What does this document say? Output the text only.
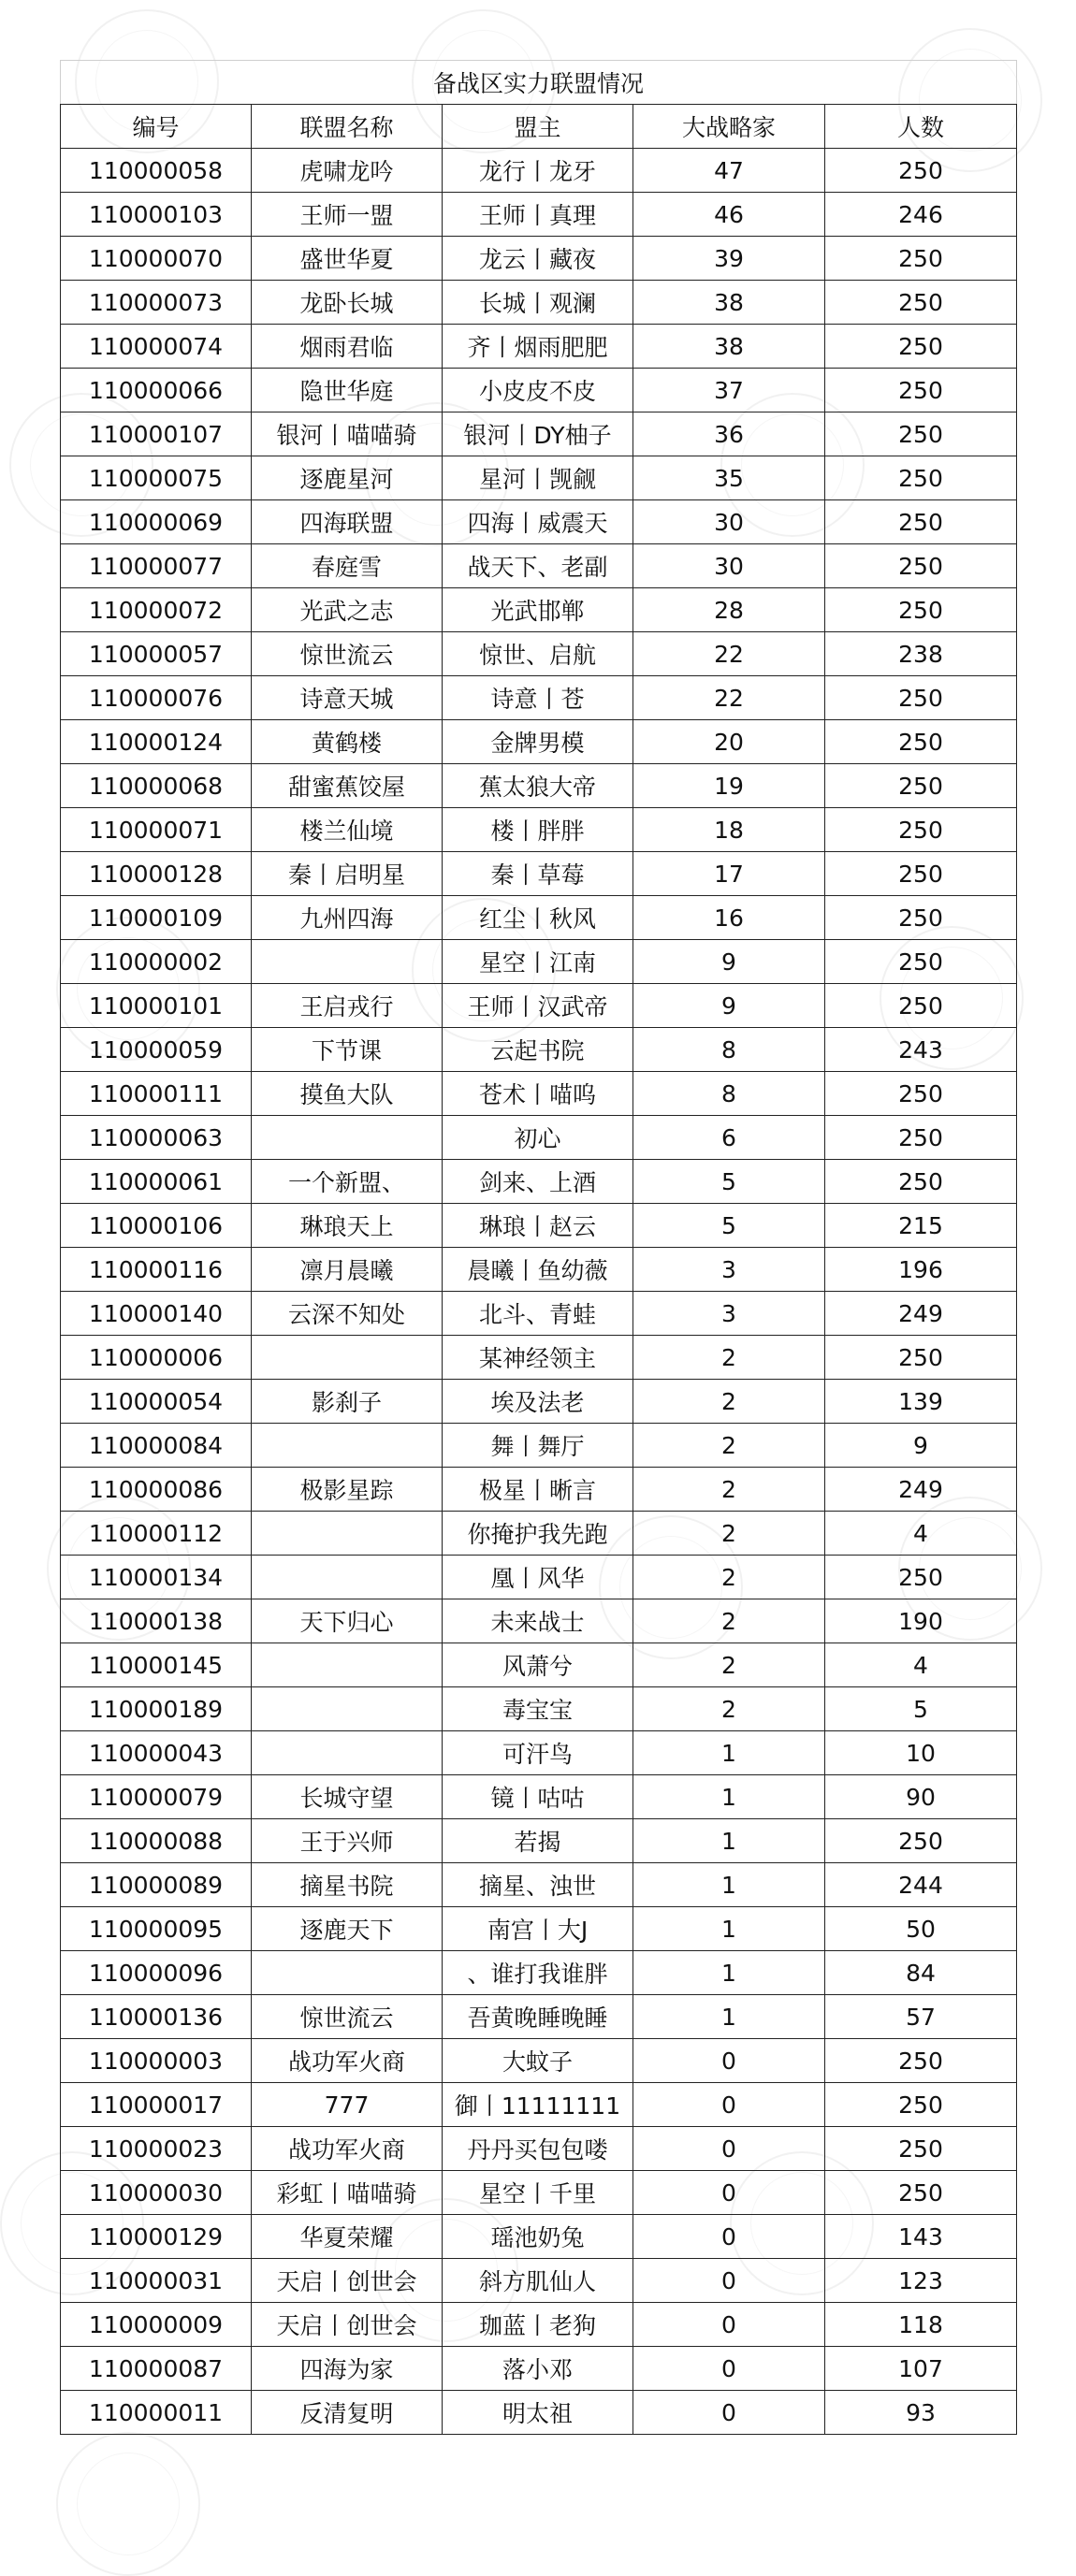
备战区实力联盟情况				
编号	联盟名称	盟主	大战略家	人数
110000058	虎啸龙吟	龙行丨龙牙	47	250
110000103	王师一盟	王师丨真理	46	246
110000070	盛世华夏	龙云丨藏夜	39	250
110000073	龙卧长城	长城丨观澜	38	250
110000074	烟雨君临	齐丨烟雨肥肥	38	250
110000066	隐世华庭	小皮皮不皮	37	250
110000107	银河丨喵喵骑	银河丨DY柚子	36	250
110000075	逐鹿星河	星河丨觊觎	35	250
110000069	四海联盟	四海丨威震天	30	250
110000077	春庭雪	战天下、老副	30	250
110000072	光武之志	光武邯郸	28	250
110000057	惊世流云	惊世、启航	22	238
110000076	诗意天城	诗意丨苍	22	250
110000124	黄鹤楼	金牌男模	20	250
110000068	甜蜜蕉饺屋	蕉太狼大帝	19	250
110000071	楼兰仙境	楼丨胖胖	18	250
110000128	秦丨启明星	秦丨草莓	17	250
110000109	九州四海	红尘丨秋风	16	250
110000002		星空丨江南	9	250
110000101	王启戎行	王师丨汉武帝	9	250
110000059	下节课	云起书院	8	243
110000111	摸鱼大队	苍术丨喵呜	8	250
110000063		初心	6	250
110000061	一个新盟、	剑来、上酒	5	250
110000106	琳琅天上	琳琅丨赵云	5	215
110000116	凛月晨曦	晨曦丨鱼幼薇	3	196
110000140	云深不知处	北斗、青蛙	3	249
110000006		某神经领主	2	250
110000054	影刹子	埃及法老	2	139
110000084		舞丨舞厅	2	9
110000086	极影星踪	极星丨晰言	2	249
110000112		你掩护我先跑	2	4
110000134		凰丨风华	2	250
110000138	天下归心	未来战士	2	190
110000145		风萧兮	2	4
110000189		毒宝宝	2	5
110000043		可汗鸟	1	10
110000079	长城守望	镜丨咕咕	1	90
110000088	王于兴师	若揭	1	250
110000089	摘星书院	摘星、浊世	1	244
110000095	逐鹿天下	南宫丨大J	1	50
110000096		、谁打我谁胖	1	84
110000136	惊世流云	吾黄晚睡晚睡	1	57
110000003	战功军火商	大蚊子	0	250
110000017	777	御丨11111111	0	250
110000023	战功军火商	丹丹买包包喽	0	250
110000030	彩虹丨喵喵骑	星空丨千里	0	250
110000129	华夏荣耀	瑶池奶兔	0	143
110000031	天启丨创世会	斜方肌仙人	0	123
110000009	天启丨创世会	珈蓝丨老狗	0	118
110000087	四海为家	落小邓	0	107
110000011	反清复明	明太祖	0	93
